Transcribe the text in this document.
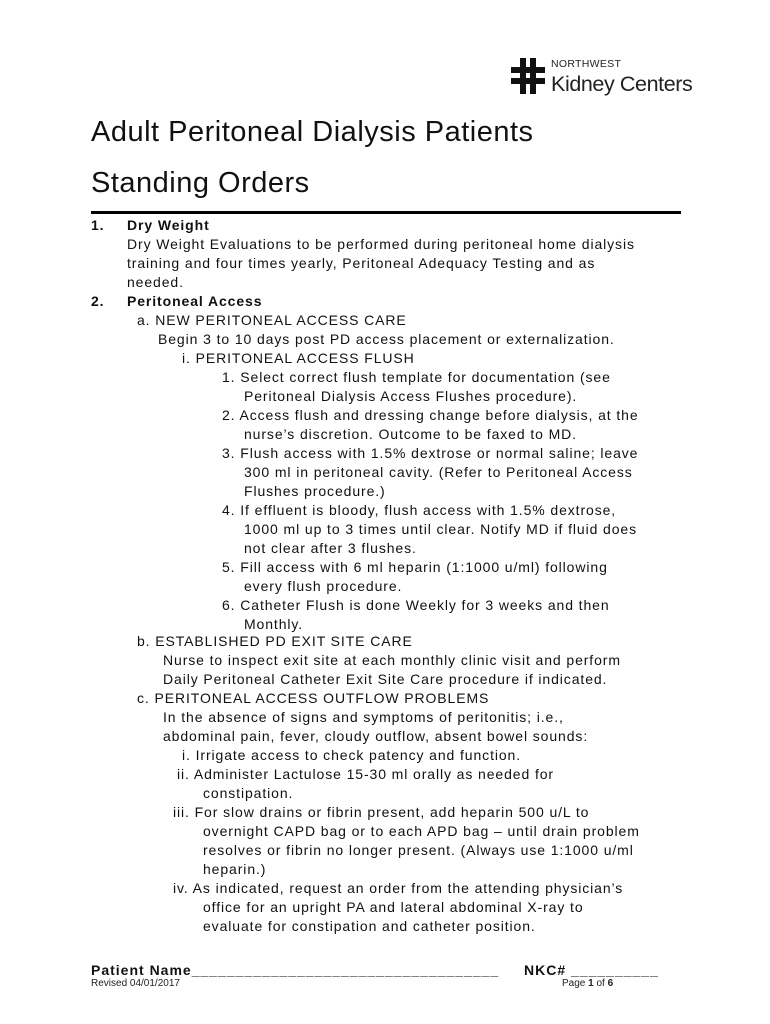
NORTHWEST
Kidney Centers
Adult Peritoneal Dialysis Patients
Standing Orders
1. Dry Weight
Dry Weight Evaluations to be performed during peritoneal home dialysis
training and four times yearly, Peritoneal Adequacy Testing and as
needed.
2. Peritoneal Access
a. NEW PERITONEAL ACCESS CARE
Begin 3 to 10 days post PD access placement or externalization.
i. PERITONEAL ACCESS FLUSH
1. Select correct flush template for documentation (see
Peritoneal Dialysis Access Flushes procedure).
2. Access flush and dressing change before dialysis, at the
nurse’s discretion. Outcome to be faxed to MD.
3. Flush access with 1.5% dextrose or normal saline; leave
300 ml in peritoneal cavity. (Refer to Peritoneal Access
Flushes procedure.)
4. If effluent is bloody, flush access with 1.5% dextrose,
1000 ml up to 3 times until clear. Notify MD if fluid does
not clear after 3 flushes.
5. Fill access with 6 ml heparin (1:1000 u/ml) following
every flush procedure.
6. Catheter Flush is done Weekly for 3 weeks and then
Monthly.
b. ESTABLISHED PD EXIT SITE CARE
Nurse to inspect exit site at each monthly clinic visit and perform
Daily Peritoneal Catheter Exit Site Care procedure if indicated.
c. PERITONEAL ACCESS OUTFLOW PROBLEMS
In the absence of signs and symptoms of peritonitis; i.e.,
abdominal pain, fever, cloudy outflow, absent bowel sounds:
i. Irrigate access to check patency and function.
ii. Administer Lactulose 15-30 ml orally as needed for
constipation.
iii. For slow drains or fibrin present, add heparin 500 u/L to
overnight CAPD bag or to each APD bag – until drain problem
resolves or fibrin no longer present. (Always use 1:1000 u/ml
heparin.)
iv. As indicated, request an order from the attending physician’s
office for an upright PA and lateral abdominal X-ray to
evaluate for constipation and catheter position.
Patient Name___________________________________ NKC# __________
Revised 04/01/2017	Page 1 of 6
